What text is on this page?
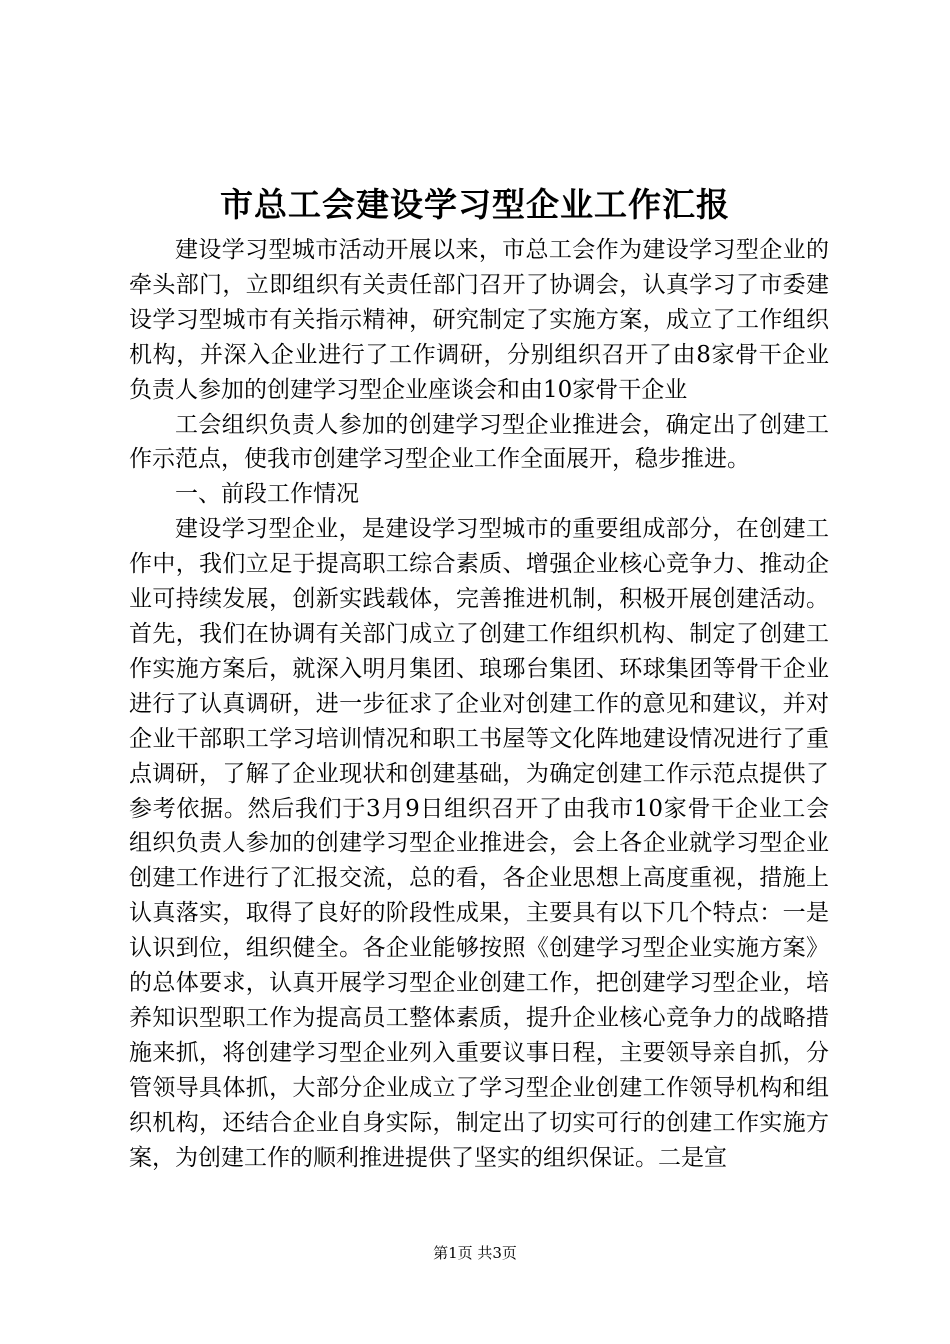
市总工会建设学习型企业工作汇报

建设学习型城市活动开展以来，市总工会作为建设学习型企业的牵头部门，立即组织有关责任部门召开了协调会，认真学习了市委建设学习型城市有关指示精神，研究制定了实施方案，成立了工作组织机构，并深入企业进行了工作调研，分别组织召开了由8家骨干企业负责人参加的创建学习型企业座谈会和由10家骨干企业

工会组织负责人参加的创建学习型企业推进会，确定出了创建工作示范点，使我市创建学习型企业工作全面展开，稳步推进。

一、前段工作情况

建设学习型企业，是建设学习型城市的重要组成部分，在创建工作中，我们立足于提高职工综合素质、增强企业核心竞争力、推动企业可持续发展，创新实践载体，完善推进机制，积极开展创建活动。首先，我们在协调有关部门成立了创建工作组织机构、制定了创建工作实施方案后，就深入明月集团、琅琊台集团、环球集团等骨干企业进行了认真调研，进一步征求了企业对创建工作的意见和建议，并对企业干部职工学习培训情况和职工书屋等文化阵地建设情况进行了重点调研，了解了企业现状和创建基础，为确定创建工作示范点提供了参考依据。然后我们于3月9日组织召开了由我市10家骨干企业工会组织负责人参加的创建学习型企业推进会，会上各企业就学习型企业创建工作进行了汇报交流，总的看，各企业思想上高度重视，措施上认真落实，取得了良好的阶段性成果，主要具有以下几个特点：一是认识到位，组织健全。各企业能够按照《创建学习型企业实施方案》的总体要求，认真开展学习型企业创建工作，把创建学习型企业，培养知识型职工作为提高员工整体素质，提升企业核心竞争力的战略措施来抓，将创建学习型企业列入重要议事日程，主要领导亲自抓，分管领导具体抓，大部分企业成立了学习型企业创建工作领导机构和组织机构，还结合企业自身实际，制定出了切实可行的创建工作实施方案，为创建工作的顺利推进提供了坚实的组织保证。二是宣

第1页 共3页
